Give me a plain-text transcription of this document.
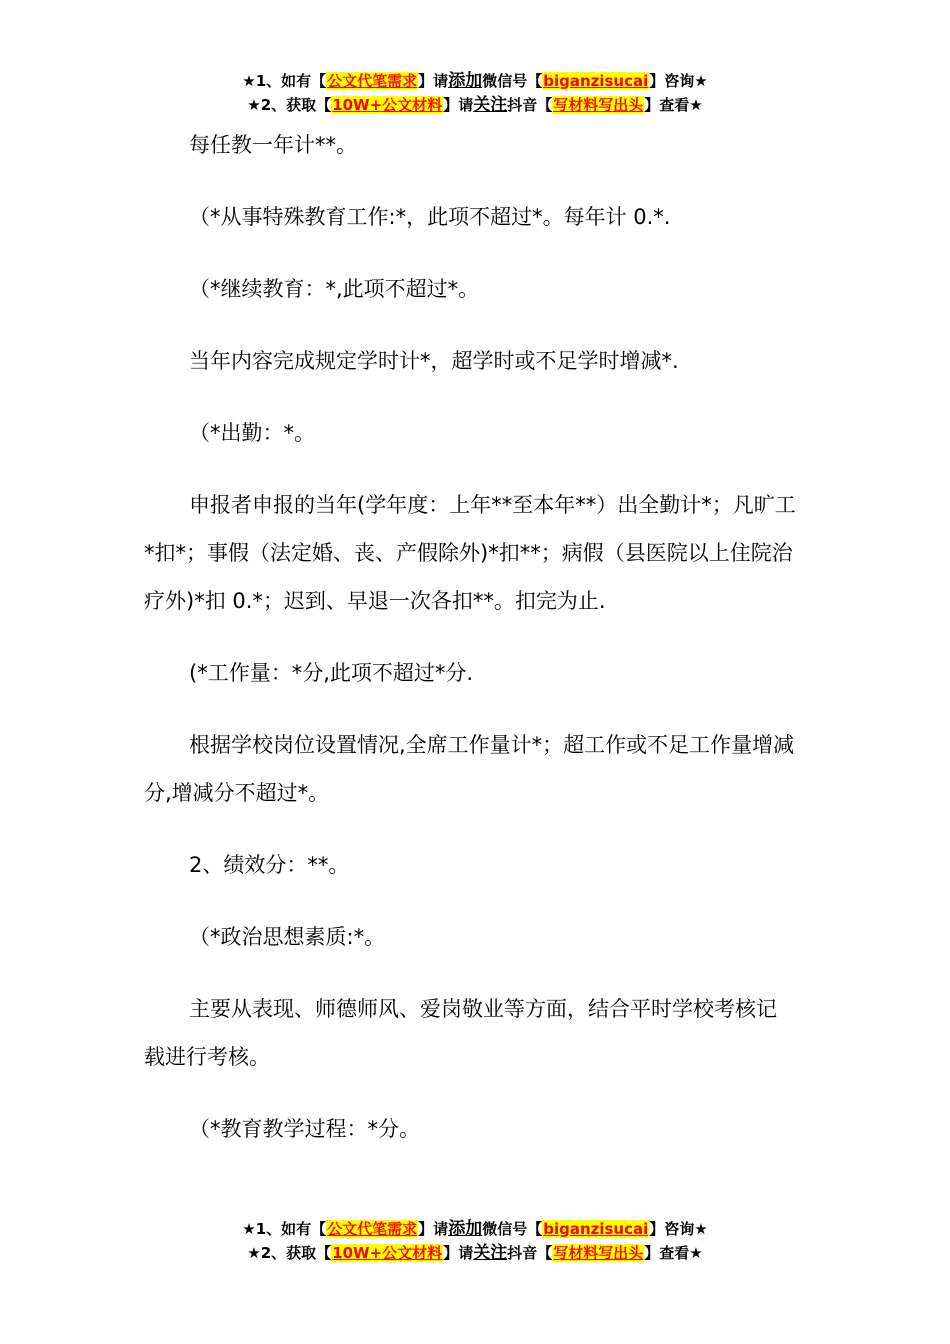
★1、如有【公文代笔需求】请添加微信号【biganzisucai】咨询★
★2、获取【10W+公文材料】请关注抖音【写材料写出头】查看★

每任教一年计**。

（*从事特殊教育工作:*，此项不超过*。每年计 0.*.

（*继续教育：*,此项不超过*。

当年内容完成规定学时计*，超学时或不足学时增减*.

（*出勤：*。

申报者申报的当年(学年度：上年**至本年**）出全勤计*；凡旷工*扣*；事假（法定婚、丧、产假除外)*扣**；病假（县医院以上住院治疗外)*扣 0.*；迟到、早退一次各扣**。扣完为止.

(*工作量：*分,此项不超过*分.

根据学校岗位设置情况,全席工作量计*；超工作或不足工作量增减分,增减分不超过*。

2、绩效分：**。

（*政治思想素质:*。

主要从表现、师德师风、爱岗敬业等方面，结合平时学校考核记载进行考核。

（*教育教学过程：*分。

★1、如有【公文代笔需求】请添加微信号【biganzisucai】咨询★
★2、获取【10W+公文材料】请关注抖音【写材料写出头】查看★
